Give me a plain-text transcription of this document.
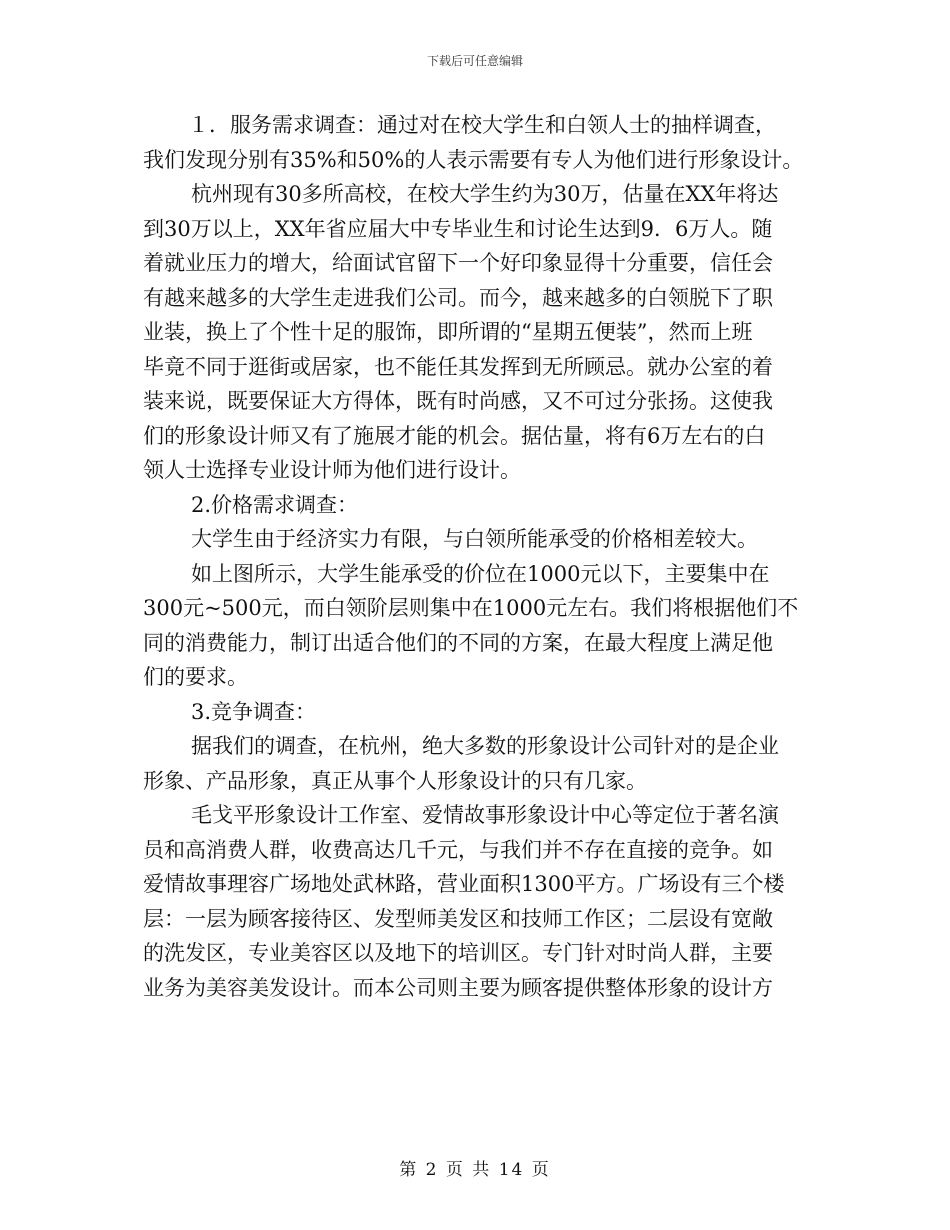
下载后可任意编辑
１．服务需求调查：通过对在校大学生和白领人士的抽样调查，
我们发现分别有35%和50%的人表示需要有专人为他们进行形象设计。
杭州现有30多所高校，在校大学生约为30万，估量在XX年将达
到30万以上，XX年省应届大中专毕业生和讨论生达到9．6万人。随
着就业压力的增大，给面试官留下一个好印象显得十分重要，信任会
有越来越多的大学生走进我们公司。而今，越来越多的白领脱下了职
业装，换上了个性十足的服饰，即所谓的“星期五便装”，然而上班
毕竟不同于逛街或居家，也不能任其发挥到无所顾忌。就办公室的着
装来说，既要保证大方得体，既有时尚感，又不可过分张扬。这使我
们的形象设计师又有了施展才能的机会。据估量，将有6万左右的白
领人士选择专业设计师为他们进行设计。
2.价格需求调查：
大学生由于经济实力有限，与白领所能承受的价格相差较大。
如上图所示，大学生能承受的价位在1000元以下，主要集中在
300元~500元，而白领阶层则集中在1000元左右。我们将根据他们不
同的消费能力，制订出适合他们的不同的方案，在最大程度上满足他
们的要求。
3.竞争调查：
据我们的调查，在杭州，绝大多数的形象设计公司针对的是企业
形象、产品形象，真正从事个人形象设计的只有几家。
毛戈平形象设计工作室、爱情故事形象设计中心等定位于著名演
员和高消费人群，收费高达几千元，与我们并不存在直接的竞争。如
爱情故事理容广场地处武林路，营业面积1300平方。广场设有三个楼
层：一层为顾客接待区、发型师美发区和技师工作区；二层设有宽敞
的洗发区，专业美容区以及地下的培训区。专门针对时尚人群，主要
业务为美容美发设计。而本公司则主要为顾客提供整体形象的设计方
第 2 页 共 14 页
